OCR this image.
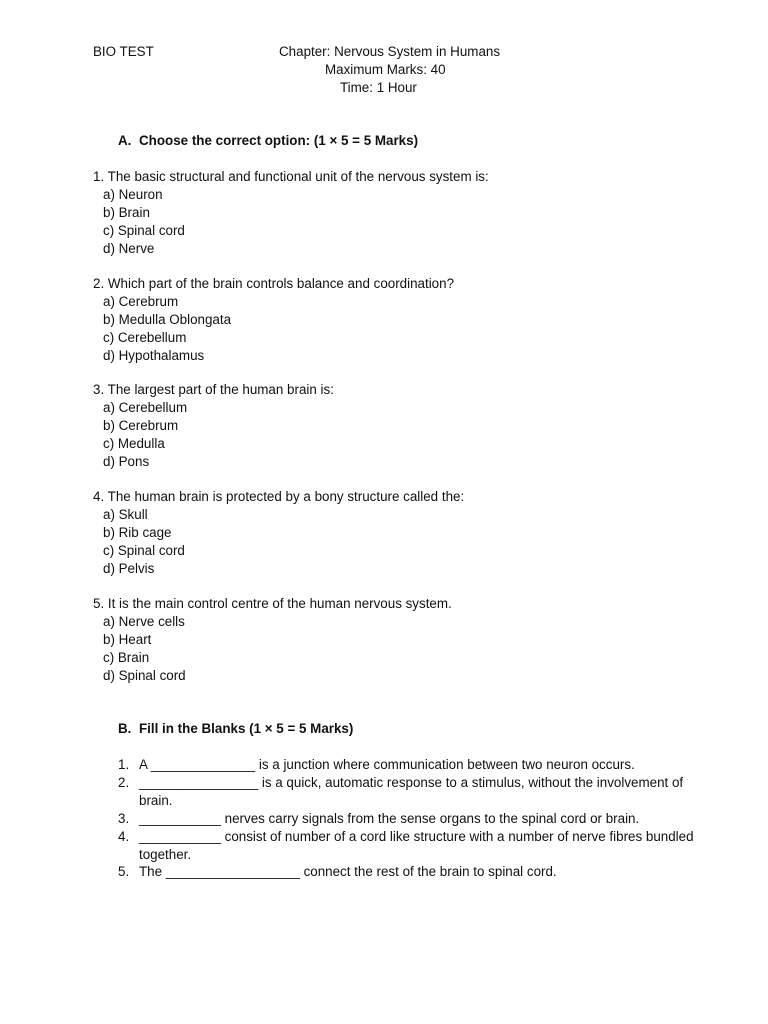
BIO TEST	Chapter: Nervous System in Humans
Maximum Marks: 40
Time: 1 Hour
A. Choose the correct option: (1 × 5 = 5 Marks)
1. The basic structural and functional unit of the nervous system is:
a) Neuron
b) Brain
c) Spinal cord
d) Nerve
2. Which part of the brain controls balance and coordination?
a) Cerebrum
b) Medulla Oblongata
c) Cerebellum
d) Hypothalamus
3. The largest part of the human brain is:
a) Cerebellum
b) Cerebrum
c) Medulla
d) Pons
4. The human brain is protected by a bony structure called the:
a) Skull
b) Rib cage
c) Spinal cord
d) Pelvis
5. It is the main control centre of the human nervous system.
a) Nerve cells
b) Heart
c) Brain
d) Spinal cord
B. Fill in the Blanks (1 × 5 = 5 Marks)
1. A ______________ is a junction where communication between two neuron occurs.
2. ________________ is a quick, automatic response to a stimulus, without the involvement of brain.
3. ___________ nerves carry signals from the sense organs to the spinal cord or brain.
4. ___________ consist of number of a cord like structure with a number of nerve fibres bundled together.
5. The __________________ connect the rest of the brain to spinal cord.
